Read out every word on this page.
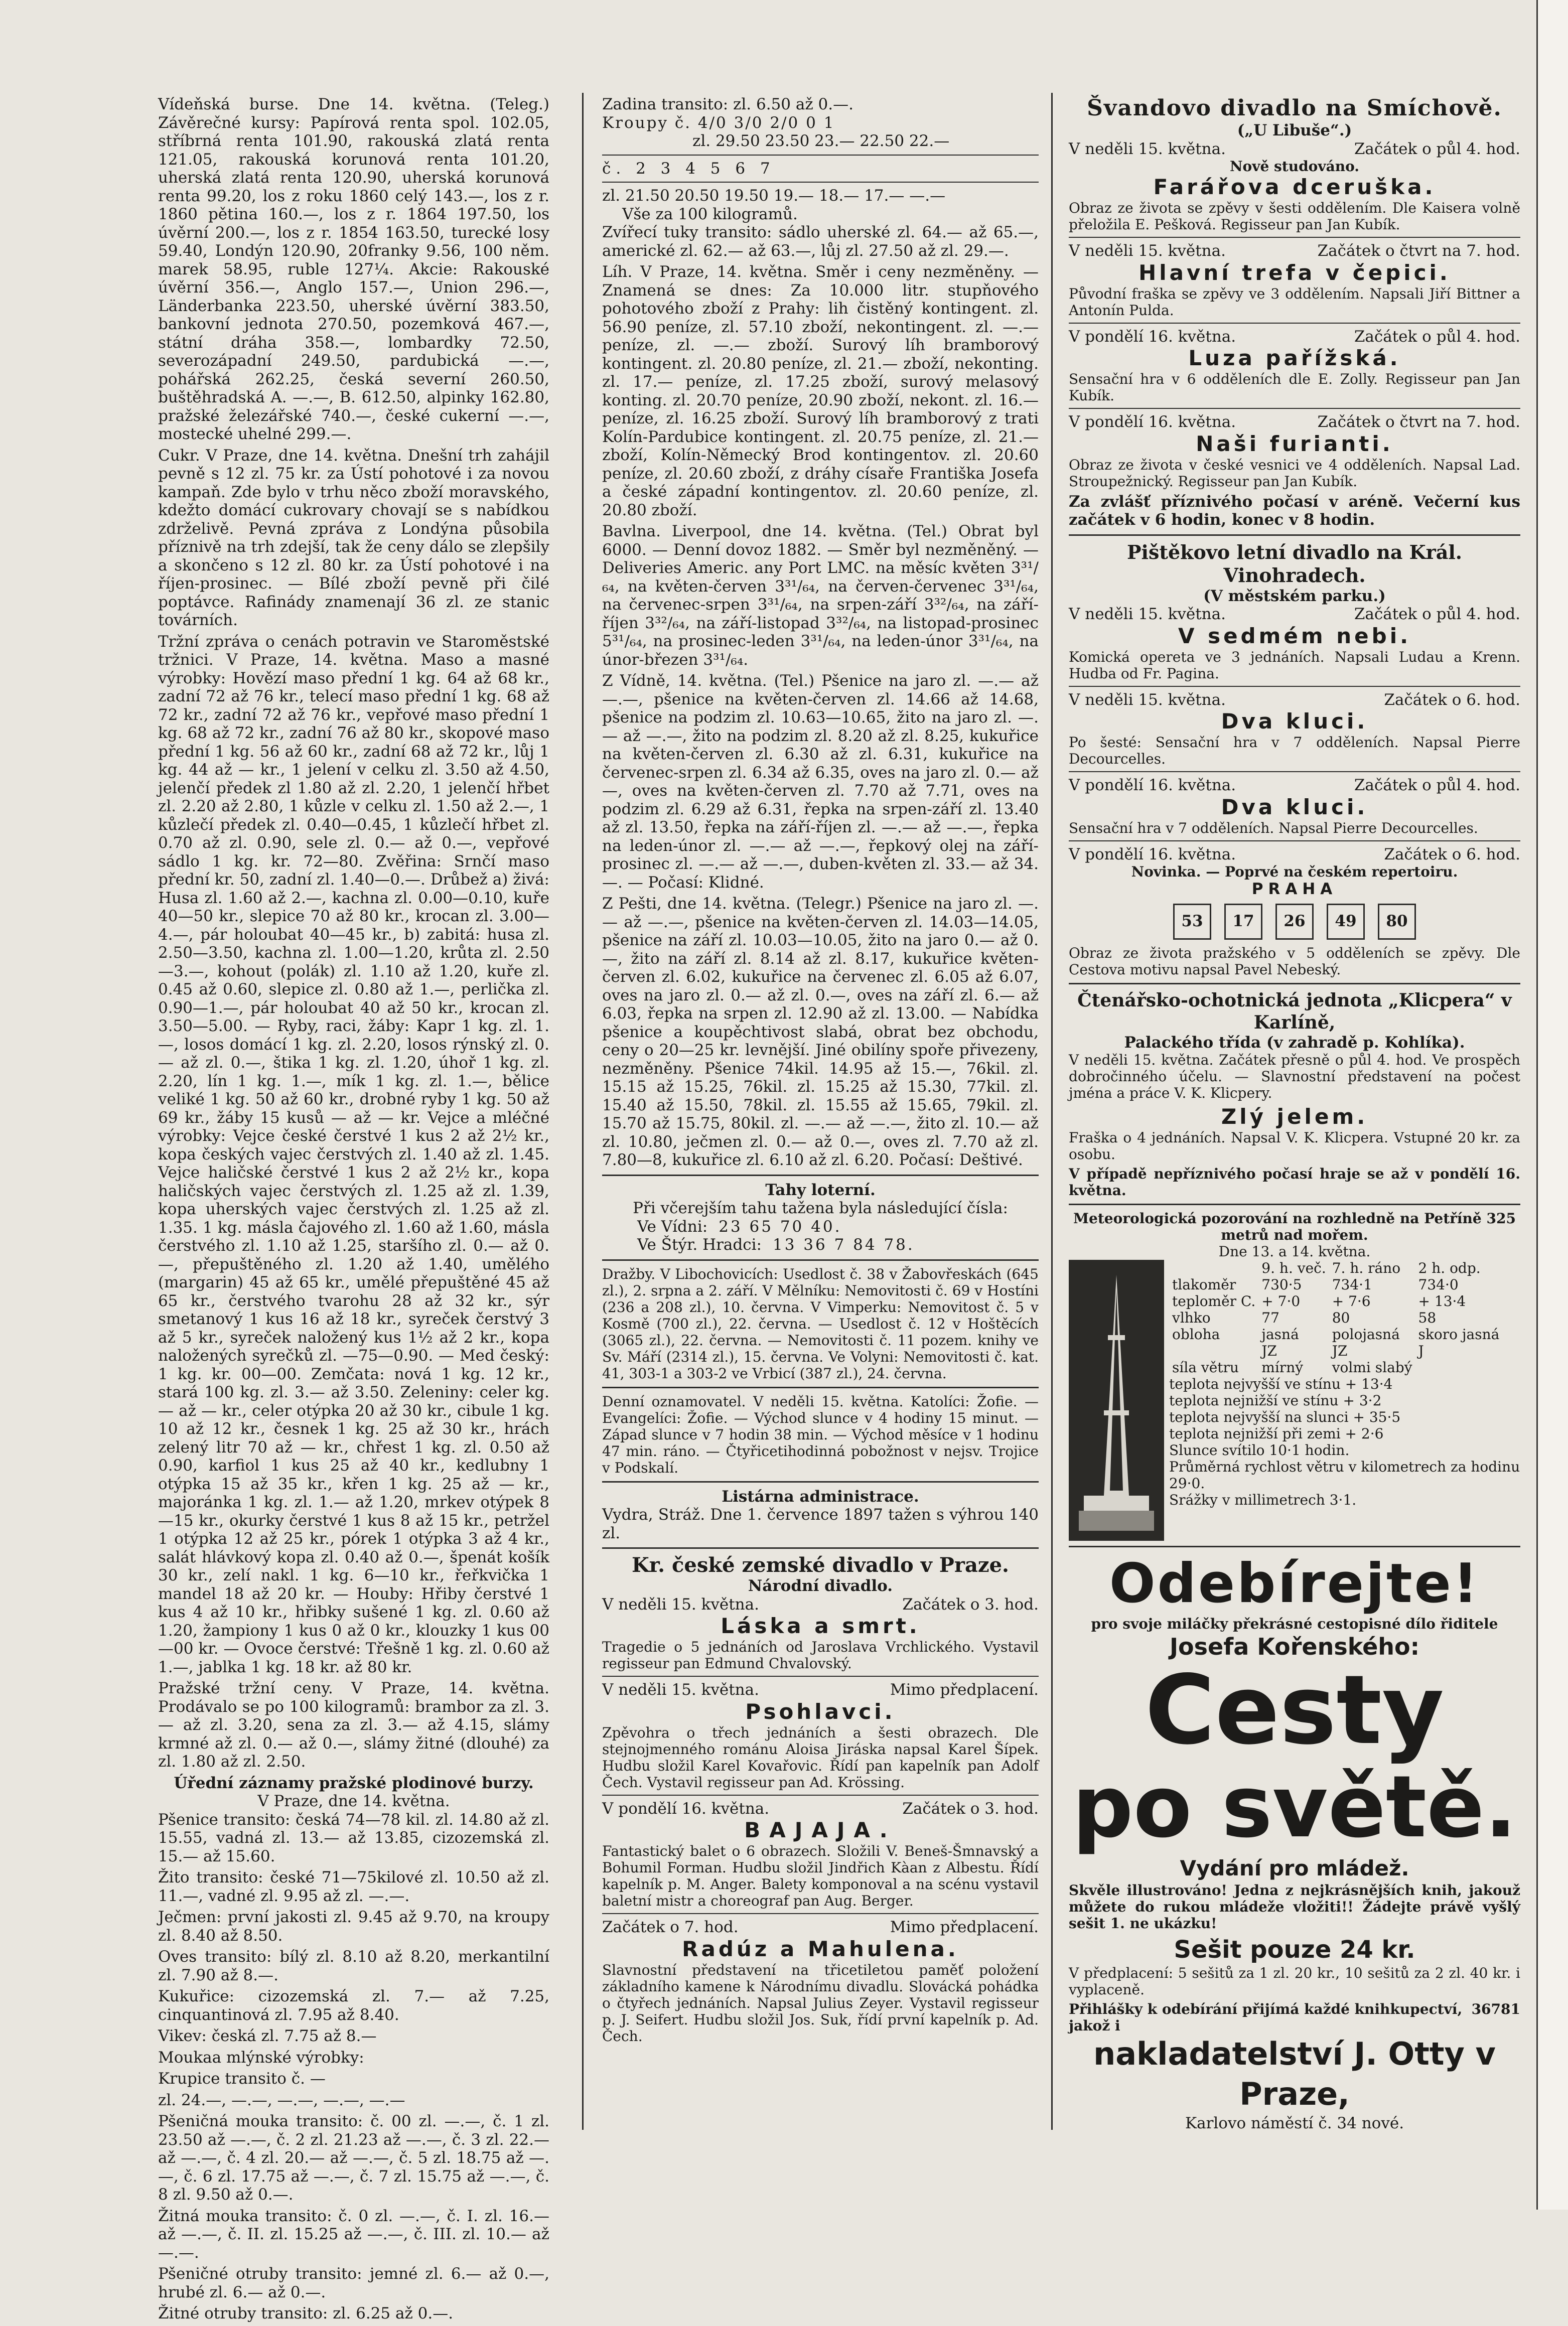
Vídeňská burse. Dne 14. května. (Teleg.) Závěrečné kursy: Papírová renta spol. 102.05, stříbrná renta 101.90, rakouská zlatá renta 121.05, rakouská korunová renta 101.20, uherská zlatá renta 120.90, uherská korunová renta 99.20, los z roku 1860 celý 143.—, los z r. 1860 pětina 160.—, los z r. 1864 197.50, los úvěrní 200.—, los z r. 1854 163.50, turecké losy 59.40, Londýn 120.90, 20franky 9.56, 100 něm. marek 58.95, ruble 127¼. Akcie: Rakouské úvěrní 356.—, Anglo 157.—, Union 296.—, Länderbanka 223.50, uherské úvěrní 383.50, bankovní jednota 270.50, pozemková 467.—, státní dráha 358.—, lombardky 72.50, severozápadní 249.50, pardubická —.—, pohářská 262.25, česká severní 260.50, buštěhradská A. —.—, B. 612.50, alpinky 162.80, pražské železářské 740.—, české cukerní —.—, mostecké uhelné 299.—.

Cukr. V Praze, dne 14. května. Dnešní trh zahájil pevně s 12 zl. 75 kr. za Ústí pohotové i za novou kampaň. Zde bylo v trhu něco zboží moravského, kdežto domácí cukrovary chovají se s nabídkou zdrželivě. Pevná zpráva z Londýna působila příznivě na trh zdejší, tak že ceny dálo se zlepšily a skončeno s 12 zl. 80 kr. za Ústí pohotové i na říjen-prosinec. — Bílé zboží pevně při čilé poptávce. Rafinády znamenají 36 zl. ze stanic továrních.

Tržní zpráva o cenách potravin ve Staroměstské tržnici. V Praze, 14. května. Maso a masné výrobky: Hovězí maso přední 1 kg. 64 až 68 kr., zadní 72 až 76 kr., telecí maso přední 1 kg. 68 až 72 kr., zadní 72 až 76 kr., vepřové maso přední 1 kg. 68 až 72 kr., zadní 76 až 80 kr., skopové maso přední 1 kg. 56 až 60 kr., zadní 68 až 72 kr., lůj 1 kg. 44 až — kr., 1 jelení v celku zl. 3.50 až 4.50, jelenčí předek zl 1.80 až zl. 2.20, 1 jelenčí hřbet zl. 2.20 až 2.80, 1 kůzle v celku zl. 1.50 až 2.—, 1 kůzlečí předek zl. 0.40—0.45, 1 kůzlečí hřbet zl. 0.70 až zl. 0.90, sele zl. 0.— až 0.—, vepřové sádlo 1 kg. kr. 72—80. Zvěřina: Srnčí maso přední kr. 50, zadní zl. 1.40—0.—. Drůbež a) živá: Husa zl. 1.60 až 2.—, kachna zl. 0.00—0.10, kuře 40—50 kr., slepice 70 až 80 kr., krocan zl. 3.00—4.—, pár holoubat 40—45 kr., b) zabitá: husa zl. 2.50—3.50, kachna zl. 1.00—1.20, krůta zl. 2.50—3.—, kohout (polák) zl. 1.10 až 1.20, kuře zl. 0.45 až 0.60, slepice zl. 0.80 až 1.—, perlička zl. 0.90—1.—, pár holoubat 40 až 50 kr., krocan zl. 3.50—5.00. — Ryby, raci, žáby: Kapr 1 kg. zl. 1.—, losos domácí 1 kg. zl. 2.20, losos rýnský zl. 0.— až zl. 0.—, štika 1 kg. zl. 1.20, úhoř 1 kg. zl. 2.20, lín 1 kg. 1.—, mík 1 kg. zl. 1.—, bělice veliké 1 kg. 50 až 60 kr., drobné ryby 1 kg. 50 až 69 kr., žáby 15 kusů — až — kr. Vejce a mléčné výrobky: Vejce české čerstvé 1 kus 2 až 2½ kr., kopa českých vajec čerstvých zl. 1.40 až zl. 1.45. Vejce haličské čerstvé 1 kus 2 až 2½ kr., kopa haličských vajec čerstvých zl. 1.25 až zl. 1.39, kopa uherských vajec čerstvých zl. 1.25 až zl. 1.35. 1 kg. másla čajového zl. 1.60 až 1.60, másla čerstvého zl. 1.10 až 1.25, staršího zl. 0.— až 0.—, přepuštěného zl. 1.20 až 1.40, umělého (margarin) 45 až 65 kr., umělé přepuštěné 45 až 65 kr., čerstvého tvarohu 28 až 32 kr., sýr smetanový 1 kus 16 až 18 kr., syreček čerstvý 3 až 5 kr., syreček naložený kus 1½ až 2 kr., kopa naložených syrečků zl. —75—0.90. — Med český: 1 kg. kr. 00—00. Zemčata: nová 1 kg. 12 kr., stará 100 kg. zl. 3.— až 3.50. Zeleniny: celer kg. — až — kr., celer otýpka 20 až 30 kr., cibule 1 kg. 10 až 12 kr., česnek 1 kg. 25 až 30 kr., hrách zelený litr 70 až — kr., chřest 1 kg. zl. 0.50 až 0.90, karfiol 1 kus 25 až 40 kr., kedlubny 1 otýpka 15 až 35 kr., křen 1 kg. 25 až — kr., majoránka 1 kg. zl. 1.— až 1.20, mrkev otýpek 8—15 kr., okurky čerstvé 1 kus 8 až 15 kr., petržel 1 otýpka 12 až 25 kr., pórek 1 otýpka 3 až 4 kr., salát hlávkový kopa zl. 0.40 až 0.—, špenát košík 30 kr., zelí nakl. 1 kg. 6—10 kr., řeřkvička 1 mandel 18 až 20 kr. — Houby: Hřiby čerstvé 1 kus 4 až 10 kr., hřibky sušené 1 kg. zl. 0.60 až 1.20, žampiony 1 kus 0 až 0 kr., klouzky 1 kus 00—00 kr. — Ovoce čerstvé: Třešně 1 kg. zl. 0.60 až 1.—, jablka 1 kg. 18 kr. až 80 kr.

Pražské tržní ceny. V Praze, 14. května. Prodávalo se po 100 kilogramů: brambor za zl. 3.— až zl. 3.20, sena za zl. 3.— až 4.15, slámy krmné až zl. 0.— až 0.—, slámy žitné (dlouhé) za zl. 1.80 až zl. 2.50.

Úřední záznamy pražské plodinové burzy.
V Praze, dne 14. května.

Pšenice transito: česká 74—78 kil. zl. 14.80 až zl. 15.55, vadná zl. 13.— až 13.85, cizozemská zl. 15.— až 15.60.

Žito transito: české 71—75kilové zl. 10.50 až zl. 11.—, vadné zl. 9.95 až zl. —.—.

Ječmen: první jakosti zl. 9.45 až 9.70, na kroupy zl. 8.40 až 8.50.

Oves transito: bílý zl. 8.10 až 8.20, merkantilní zl. 7.90 až 8.—.

Kukuřice: cizozemská zl. 7.— až 7.25, cinquantinová zl. 7.95 až 8.40.

Vikev: česká zl. 7.75 až 8.—

Moukaa mlýnské výrobky:

Krupice transito č. —

zl. 24.—, —.—, —.—, —.—, —.—

Pšeničná mouka transito: č. 00 zl. —.—, č. 1 zl. 23.50 až —.—, č. 2 zl. 21.23 až —.—, č. 3 zl. 22.— až —.—, č. 4 zl. 20.— až —.—, č. 5 zl. 18.75 až —.—, č. 6 zl. 17.75 až —.—, č. 7 zl. 15.75 až —.—, č. 8 zl. 9.50 až 0.—.

Žitná mouka transito: č. 0 zl. —.—, č. I. zl. 16.— až —.—, č. II. zl. 15.25 až —.—, č. III. zl. 10.— až —.—.

Pšeničné otruby transito: jemné zl. 6.— až 0.—, hrubé zl. 6.— až 0.—.

Žitné otruby transito: zl. 6.25 až 0.—.

Zadina transito: zl. 6.50 až 0.—.
Kroupy č. 4/0 3/0 2/0 0 1
zl. 29.50 23.50 23.— 22.50 22.—
č. 2 3 4 5 6 7
zl. 21.50 20.50 19.50 19.— 18.— 17.— —.—
Vše za 100 kilogramů.

Zvířecí tuky transito: sádlo uherské zl. 64.— až 65.—, americké zl. 62.— až 63.—, lůj zl. 27.50 až zl. 29.—.

Líh. V Praze, 14. května. Směr i ceny nezměněny. — Znamená se dnes: Za 10.000 litr. stupňového pohotového zboží z Prahy: lih čistěný kontingent. zl. 56.90 peníze, zl. 57.10 zboží, nekontingent. zl. —.— peníze, zl. —.— zboží. Surový líh bramborový kontingent. zl. 20.80 peníze, zl. 21.— zboží, nekonting. zl. 17.— peníze, zl. 17.25 zboží, surový melasový konting. zl. 20.70 peníze, 20.90 zboží, nekont. zl. 16.— peníze, zl. 16.25 zboží. Surový líh bramborový z trati Kolín-Pardubice kontingent. zl. 20.75 peníze, zl. 21.— zboží, Kolín-Německý Brod kontingentov. zl. 20.60 peníze, zl. 20.60 zboží, z dráhy císaře Františka Josefa a české západní kontingentov. zl. 20.60 peníze, zl. 20.80 zboží.

Bavlna. Liverpool, dne 14. května. (Tel.) Obrat byl 6000. — Denní dovoz 1882. — Směr byl nezměněný. — Deliveries Americ. any Port LMC. na měsíc květen 3³¹/₆₄, na květen-červen 3³¹/₆₄, na červen-červenec 3³¹/₆₄, na červenec-srpen 3³¹/₆₄, na srpen-září 3³²/₆₄, na září-říjen 3³²/₆₄, na září-listopad 3³²/₆₄, na listopad-prosinec 5³¹/₆₄, na prosinec-leden 3³¹/₆₄, na leden-únor 3³¹/₆₄, na únor-březen 3³¹/₆₄.

Z Vídně, 14. května. (Tel.) Pšenice na jaro zl. —.— až —.—, pšenice na květen-červen zl. 14.66 až 14.68, pšenice na podzim zl. 10.63—10.65, žito na jaro zl. —.— až —.—, žito na podzim zl. 8.20 až zl. 8.25, kukuřice na květen-červen zl. 6.30 až zl. 6.31, kukuřice na červenec-srpen zl. 6.34 až 6.35, oves na jaro zl. 0.— až —, oves na květen-červen zl. 7.70 až 7.71, oves na podzim zl. 6.29 až 6.31, řepka na srpen-září zl. 13.40 až zl. 13.50, řepka na září-říjen zl. —.— až —.—, řepka na leden-únor zl. —.— až —.—, řepkový olej na září-prosinec zl. —.— až —.—, duben-květen zl. 33.— až 34.—. — Počasí: Klidné.

Z Pešti, dne 14. května. (Telegr.) Pšenice na jaro zl. —.— až —.—, pšenice na květen-červen zl. 14.03—14.05, pšenice na září zl. 10.03—10.05, žito na jaro 0.— až 0.—, žito na září zl. 8.14 až zl. 8.17, kukuřice květen-červen zl. 6.02, kukuřice na červenec zl. 6.05 až 6.07, oves na jaro zl. 0.— až zl. 0.—, oves na září zl. 6.— až 6.03, řepka na srpen zl. 12.90 až zl. 13.00. — Nabídka pšenice a koupěchtivost slabá, obrat bez obchodu, ceny o 20—25 kr. levnější. Jiné obilíny spoře přivezeny, nezměněny. Pšenice 74kil. 14.95 až 15.—, 76kil. zl. 15.15 až 15.25, 76kil. zl. 15.25 až 15.30, 77kil. zl. 15.40 až 15.50, 78kil. zl. 15.55 až 15.65, 79kil. zl. 15.70 až 15.75, 80kil. zl. —.— až —.—, žito zl. 10.— až zl. 10.80, ječmen zl. 0.— až 0.—, oves zl. 7.70 až zl. 7.80—8, kukuřice zl. 6.10 až zl. 6.20. Počasí: Deštivé.

Tahy loterní.
Při včerejším tahu tažena byla následující čísla:
Ve Vídni: 23 65 70 40.
Ve Štýr. Hradci: 13 36 7 84 78.

Dražby. V Libochovicích: Usedlost č. 38 v Žabovřeskách (645 zl.), 2. srpna a 2. září. V Mělníku: Nemovitosti č. 69 v Hostíni (236 a 208 zl.), 10. června. V Vimperku: Nemovitost č. 5 v Kosmě (700 zl.), 22. června. — Usedlost č. 12 v Hoštěcích (3065 zl.), 22. června. — Nemovitosti č. 11 pozem. knihy ve Sv. Máří (2314 zl.), 15. června. Ve Volyni: Nemovitosti č. kat. 41, 303-1 a 303-2 ve Vrbicí (387 zl.), 24. června.

Denní oznamovatel. V neděli 15. května. Katolíci: Žofie. — Evangelíci: Žofie. — Východ slunce v 4 hodiny 15 minut. — Západ slunce v 7 hodin 38 min. — Východ měsíce v 1 hodinu 47 min. ráno. — Čtyřicetihodinná pobožnost v nejsv. Trojice v Podskalí.

Listárna administrace.

Vydra, Stráž. Dne 1. července 1897 tažen s výhrou 140 zl.

Kr. české zemské divadlo v Praze.
Národní divadlo.
V neděli 15. května.	Začátek o 3. hod.
Láska a smrt.

Tragedie o 5 jednáních od Jaroslava Vrchlického. Vystavil regisseur pan Edmund Chvalovský.

V neděli 15. května.	Mimo předplacení.
Psohlavci.

Zpěvohra o třech jednáních a šesti obrazech. Dle stejnojmenného románu Aloisa Jiráska napsal Karel Šípek. Hudbu složil Karel Kovařovic. Řídí pan kapelník pan Adolf Čech. Vystavil regisseur pan Ad. Krössing.

V pondělí 16. května.	Začátek o 3. hod.
BAJAJA.

Fantastický balet o 6 obrazech. Složili V. Beneš-Šmnavský a Bohumil Forman. Hudbu složil Jindřich Kàan z Albestu. Řídí kapelník p. M. Anger. Balety komponoval a na scénu vystavil baletní mistr a choreograf pan Aug. Berger.

Začátek o 7. hod.	Mimo předplacení.
Radúz a Mahulena.

Slavnostní představení na třicetiletou paměť položení základního kamene k Národnímu divadlu. Slovácká pohádka o čtyřech jednáních. Napsal Julius Zeyer. Vystavil regisseur p. J. Seifert. Hudbu složil Jos. Suk, řídí první kapelník p. Ad. Čech.

Švandovo divadlo na Smíchově.
(„U Libuše“.)
V neděli 15. května.	Začátek o půl 4. hod.
Nově studováno.
Farářova dceruška.

Obraz ze života se zpěvy v šesti oddělením. Dle Kaisera volně přeložila E. Pešková. Regisseur pan Jan Kubík.

V neděli 15. května.	Začátek o čtvrt na 7. hod.
Hlavní trefa v čepici.

Původní fraška se zpěvy ve 3 oddělením. Napsali Jiří Bittner a Antonín Pulda.

V pondělí 16. května.	Začátek o půl 4. hod.
Luza pařížská.

Sensační hra v 6 odděleních dle E. Zolly. Regisseur pan Jan Kubík.

V pondělí 16. května.	Začátek o čtvrt na 7. hod.
Naši furianti.

Obraz ze života v české vesnici ve 4 odděleních. Napsal Lad. Stroupežnický. Regisseur pan Jan Kubík.

Za zvlášť příznivého počasí v aréně. Večerní kus začátek v 6 hodin, konec v 8 hodin.

Pištěkovo letní divadlo na Král. Vinohradech.
(V městském parku.)
V neděli 15. května.	Začátek o půl 4. hod.
V sedmém nebi.

Komická opereta ve 3 jednáních. Napsali Ludau a Krenn. Hudba od Fr. Pagina.

V neděli 15. května.	Začátek o 6. hod.
Dva kluci.

Po šesté: Sensační hra v 7 odděleních. Napsal Pierre Decourcelles.

V pondělí 16. května.	Začátek o půl 4. hod.
Dva kluci.

Sensační hra v 7 odděleních. Napsal Pierre Decourcelles.

V pondělí 16. května.	Začátek o 6. hod.
Novinka. — Poprvé na českém repertoiru.
PRAHA
53	17	26	49	80

Obraz ze života pražského v 5 odděleních se zpěvy. Dle Cestova motivu napsal Pavel Nebeský.

Čtenářsko-ochotnická jednota „Klicpera“ v Karlíně,
Palackého třída (v zahradě p. Kohlíka).

V neděli 15. května. Začátek přesně o půl 4. hod. Ve prospěch dobročinného účelu. — Slavnostní představení na počest jména a práce V. K. Klicpery.

Zlý jelem.

Fraška o 4 jednáních. Napsal V. K. Klicpera. Vstupné 20 kr. za osobu.

V případě nepříznivého počasí hraje se až v pondělí 16. května.

Meteorologická pozorování na rozhledně na Petříně 325 metrů nad mořem.
Dne 13. a 14. května.
	9. h. več.	7. h. ráno	2 h. odp.
tlakoměr	730·5	734·1	734·0
teploměr C.	+ 7·0	+ 7·6	+ 13·4
vlhko	77	80	58
obloha	jasná	polojasná	skoro jasná
	JZ	JZ	J
síla větru	mírný	volmi slabý	
teplota nejvyšší ve stínu + 13·4
teplota nejnižší ve stínu + 3·2
teplota nejvyšší na slunci + 35·5
teplota nejnižší při zemi + 2·6
Slunce svítilo 10·1 hodin.
Průměrná rychlost větru v kilometrech za hodinu 29·0.
Srážky v millimetrech 3·1.
Odebírejte!
pro svoje miláčky překrásné cestopisné dílo řiditele
Josefa Kořenského:
Cesty
po světě.
Vydání pro mládež.

Skvěle illustrováno! Jedna z nejkrásnějších knih, jakouž můžete do rukou mládeže vložiti!! Žádejte právě vyšlý sešit 1. ne ukázku!

Sešit pouze 24 kr.

V předplacení: 5 sešitů za 1 zl. 20 kr., 10 sešitů za 2 zl. 40 kr. i vyplaceně.

Přihlášky k odebírání přijímá každé knihkupectví, jakož i
36781
nakladatelství J. Otty v Praze,
Karlovo náměstí č. 34 nové.
